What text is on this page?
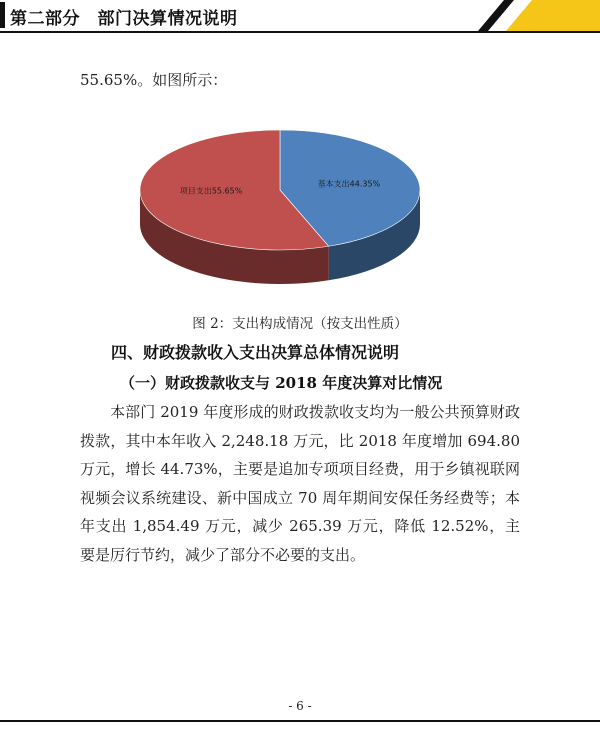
第二部分　部门决算情况说明
55.65%。如图所示：
基本支出44.35%
项目支出55.65%
图 2：支出构成情况（按支出性质）
四、财政拨款收入支出决算总体情况说明
（一）财政拨款收支与 2018 年度决算对比情况
本部门 2019 年度形成的财政拨款收支均为一般公共预算财政拨款，其中本年收入 2,248.18 万元，比 2018 年度增加 694.80 万元，增长 44.73%，主要是追加专项项目经费，用于乡镇视联网视频会议系统建设、新中国成立 70 周年期间安保任务经费等；本年支出 1,854.49 万元，减少 265.39 万元，降低 12.52%，主要是厉行节约，减少了部分不必要的支出。
- 6 -
